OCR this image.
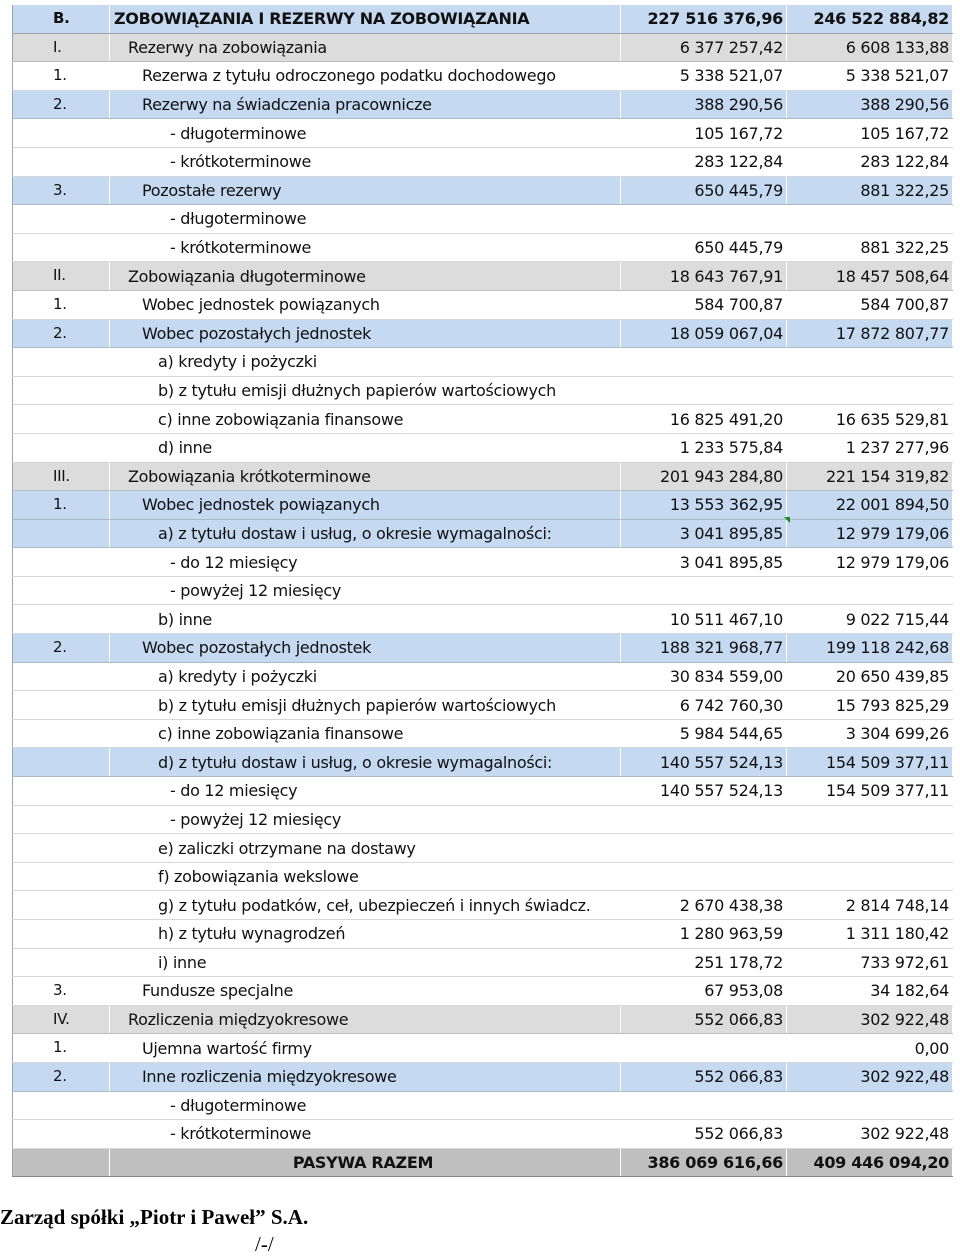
B.	ZOBOWIĄZANIA I REZERWY NA ZOBOWIĄZANIA	227 516 376,96	246 522 884,82
I.	Rezerwy na zobowiązania	6 377 257,42	6 608 133,88
1.	Rezerwa z tytułu odroczonego podatku dochodowego	5 338 521,07	5 338 521,07
2.	Rezerwy na świadczenia pracownicze	388 290,56	388 290,56
	- długoterminowe	105 167,72	105 167,72
	- krótkoterminowe	283 122,84	283 122,84
3.	Pozostałe rezerwy	650 445,79	881 322,25
	- długoterminowe		
	- krótkoterminowe	650 445,79	881 322,25
II.	Zobowiązania długoterminowe	18 643 767,91	18 457 508,64
1.	Wobec jednostek powiązanych	584 700,87	584 700,87
2.	Wobec pozostałych jednostek	18 059 067,04	17 872 807,77
	a) kredyty i pożyczki		
	b) z tytułu emisji dłużnych papierów wartościowych		
	c) inne zobowiązania finansowe	16 825 491,20	16 635 529,81
	d) inne	1 233 575,84	1 237 277,96
III.	Zobowiązania krótkoterminowe	201 943 284,80	221 154 319,82
1.	Wobec jednostek powiązanych	13 553 362,95	22 001 894,50
	a) z tytułu dostaw i usług, o okresie wymagalności:	3 041 895,85	12 979 179,06
	- do 12 miesięcy	3 041 895,85	12 979 179,06
	- powyżej 12 miesięcy		
	b) inne	10 511 467,10	9 022 715,44
2.	Wobec pozostałych jednostek	188 321 968,77	199 118 242,68
	a) kredyty i pożyczki	30 834 559,00	20 650 439,85
	b) z tytułu emisji dłużnych papierów wartościowych	6 742 760,30	15 793 825,29
	c) inne zobowiązania finansowe	5 984 544,65	3 304 699,26
	d) z tytułu dostaw i usług, o okresie wymagalności:	140 557 524,13	154 509 377,11
	- do 12 miesięcy	140 557 524,13	154 509 377,11
	- powyżej 12 miesięcy		
	e) zaliczki otrzymane na dostawy		
	f) zobowiązania wekslowe		
	g) z tytułu podatków, ceł, ubezpieczeń i innych świadcz.	2 670 438,38	2 814 748,14
	h) z tytułu wynagrodzeń	1 280 963,59	1 311 180,42
	i) inne	251 178,72	733 972,61
3.	Fundusze specjalne	67 953,08	34 182,64
IV.	Rozliczenia międzyokresowe	552 066,83	302 922,48
1.	Ujemna wartość firmy		0,00
2.	Inne rozliczenia międzyokresowe	552 066,83	302 922,48
	- długoterminowe		
	- krótkoterminowe	552 066,83	302 922,48
	PASYWA RAZEM	386 069 616,66	409 446 094,20
Zarząd spółki „Piotr i Paweł” S.A.
/-/
